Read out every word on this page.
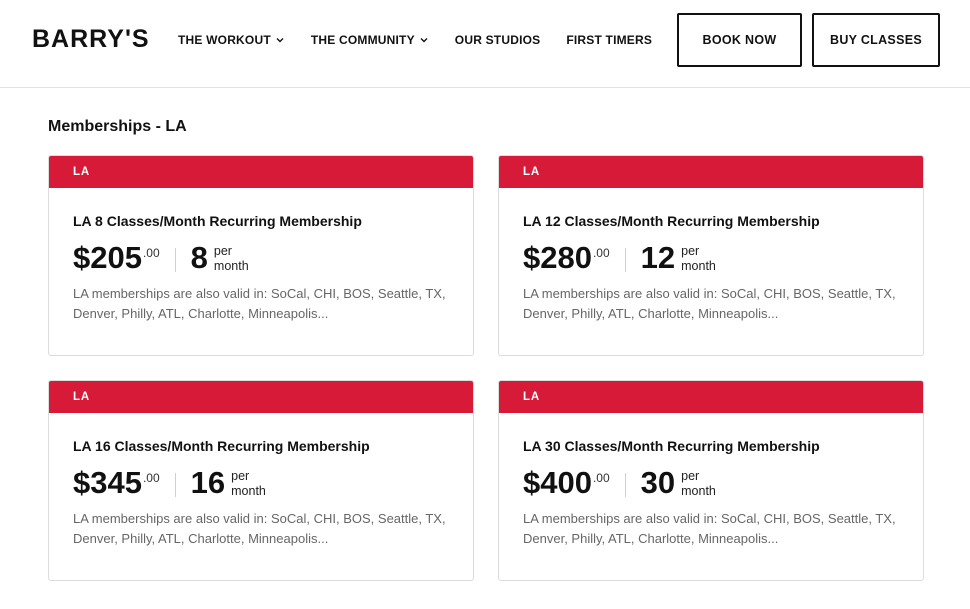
BARRY'S THE WORKOUT	THE COMMUNITY	OUR STUDIOS FIRST TIMERS	BOOK NOW	BUY CLASSES
Memberships - LA
LA
LA 8 Classes/Month Recurring Membership
$205 .00 8 per
month
LA memberships are also valid in: SoCal, CHI, BOS, Seattle, TX, Denver, Philly, ATL, Charlotte, Minneapolis...
LA
LA 12 Classes/Month Recurring Membership
$280 .00 12 per
month
LA memberships are also valid in: SoCal, CHI, BOS, Seattle, TX, Denver, Philly, ATL, Charlotte, Minneapolis...
LA
LA 16 Classes/Month Recurring Membership
$345 .00 16 per
month
LA memberships are also valid in: SoCal, CHI, BOS, Seattle, TX, Denver, Philly, ATL, Charlotte, Minneapolis...
LA
LA 30 Classes/Month Recurring Membership
$400 .00 30 per
month
LA memberships are also valid in: SoCal, CHI, BOS, Seattle, TX, Denver, Philly, ATL, Charlotte, Minneapolis...
